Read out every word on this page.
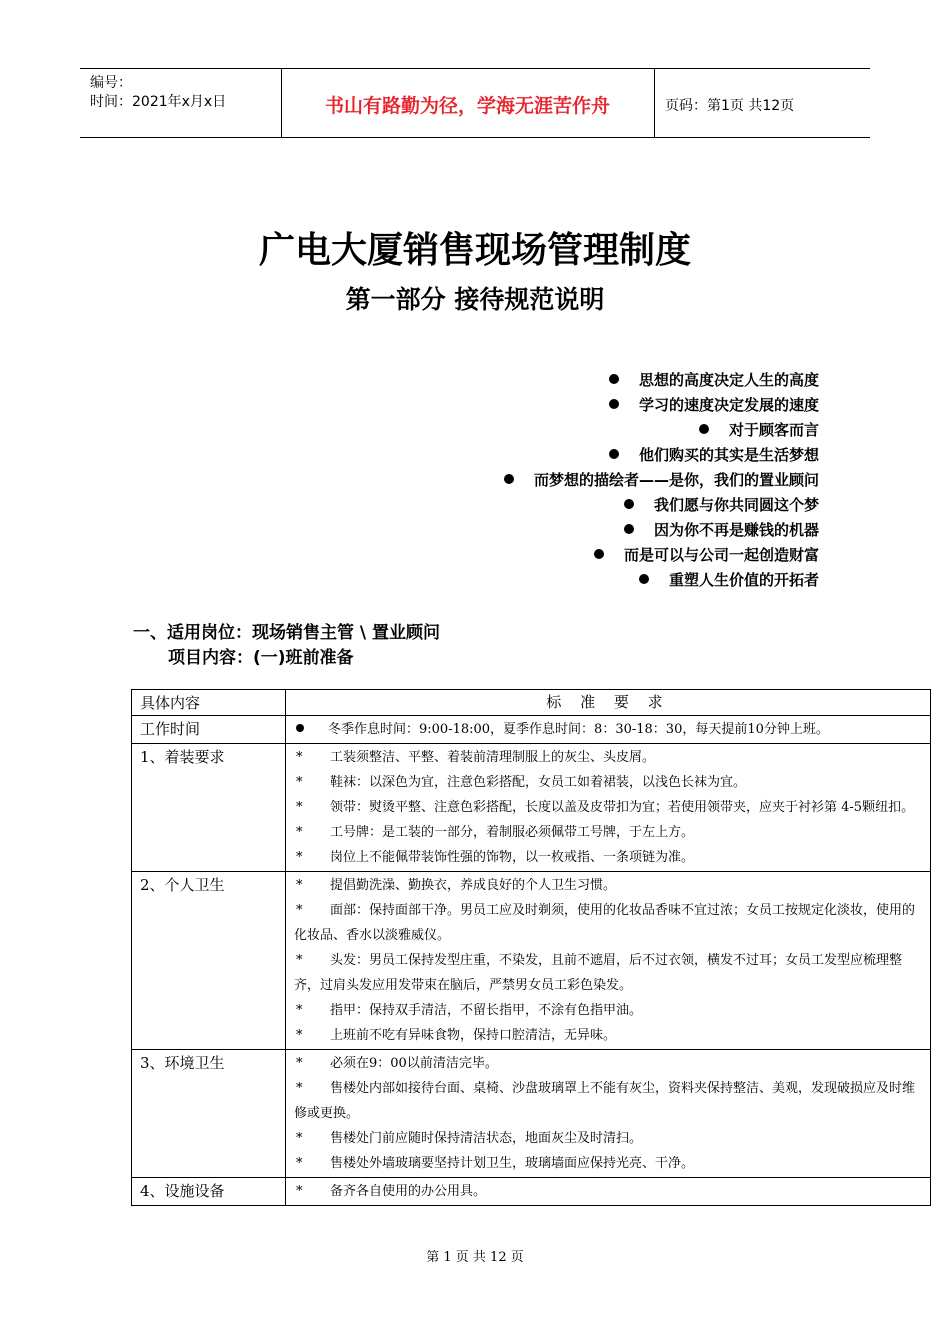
编号：
时间：2021年x月x日	书山有路勤为径，学海无涯苦作舟	页码：第1页 共12页
广电大厦销售现场管理制度
第一部分 接待规范说明
思想的高度决定人生的高度
学习的速度决定发展的速度
对于顾客而言
他们购买的其实是生活梦想
而梦想的描绘者——是你，我们的置业顾问
我们愿与你共同圆这个梦
因为你不再是赚钱的机器
而是可以与公司一起创造财富
重塑人生价值的开拓者
一、适用岗位：现场销售主管 \ 置业顾问
项目内容：(一)班前准备
具体内容	标 准 要 求
工作时间	冬季作息时间：9:00-18:00，夏季作息时间：8：30-18：30，每天提前10分钟上班。

1、着装要求	* 工装须整洁、平整、着装前清理制服上的灰尘、头皮屑。
* 鞋袜：以深色为宜，注意色彩搭配，女员工如着裙装，以浅色长袜为宜。
* 领带：熨烫平整、注意色彩搭配，长度以盖及皮带扣为宜；若使用领带夹，应夹于衬衫第 4-5颗纽扣。
* 工号牌：是工装的一部分，着制服必须佩带工号牌，于左上方。
* 岗位上不能佩带装饰性强的饰物，以一枚戒指、一条项链为准。

2、个人卫生	* 提倡勤洗澡、勤换衣，养成良好的个人卫生习惯。
* 面部：保持面部干净。男员工应及时剃须，使用的化妆品香味不宜过浓；女员工按规定化淡妆，使用的化妆品、香水以淡雅威仪。
* 头发：男员工保持发型庄重，不染发，且前不遮眉，后不过衣领，横发不过耳；女员工发型应梳理整齐，过肩头发应用发带束在脑后，严禁男女员工彩色染发。
* 指甲：保持双手清洁，不留长指甲，不涂有色指甲油。
* 上班前不吃有异味食物，保持口腔清洁，无异味。

3、环境卫生	* 必须在9：00以前清洁完毕。
* 售楼处内部如接待台面、桌椅、沙盘玻璃罩上不能有灰尘，资料夹保持整洁、美观，发现破损应及时维修或更换。
* 售楼处门前应随时保持清洁状态，地面灰尘及时清扫。
* 售楼处外墙玻璃要坚持计划卫生，玻璃墙面应保持光亮、干净。

4、设施设备	* 备齐各自使用的办公用具。
第 1 页 共 12 页
